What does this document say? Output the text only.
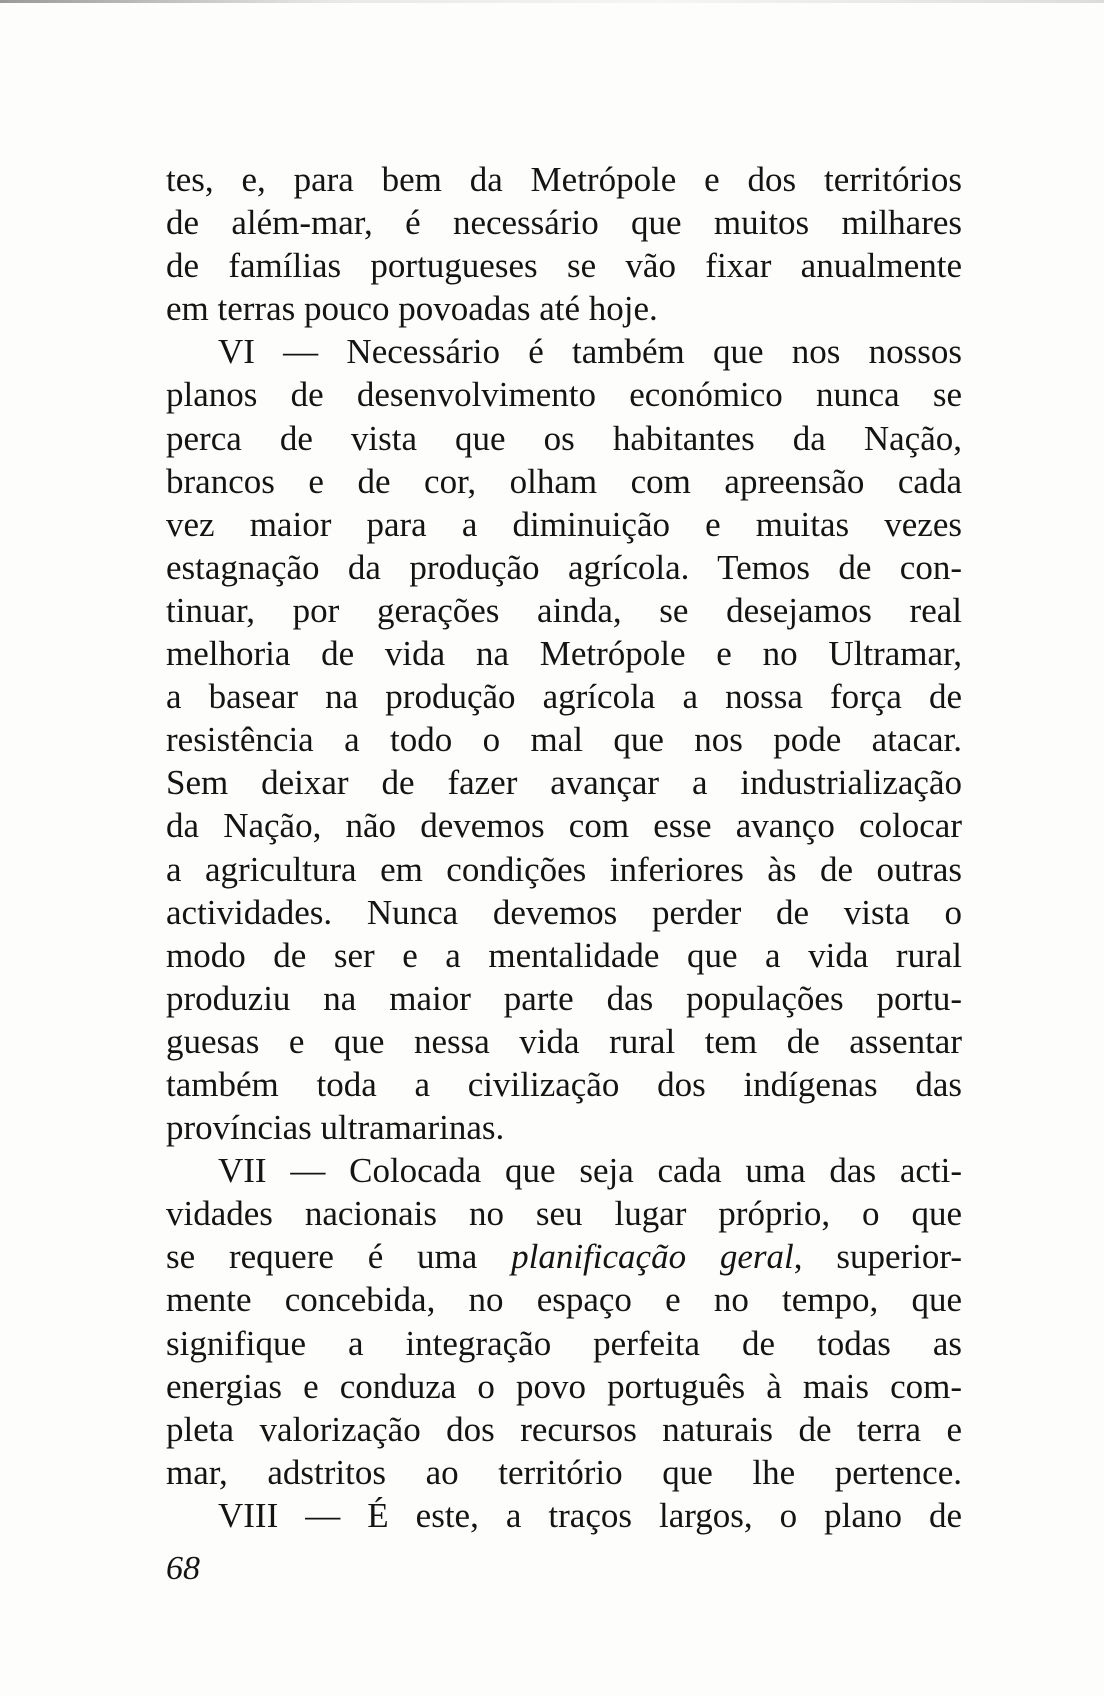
tes, e, para bem da Metrópole e dos territórios
de além-mar, é necessário que muitos milhares
de famílias portugueses se vão fixar anualmente
em terras pouco povoadas até hoje.
VI — Necessário é também que nos nossos
planos de desenvolvimento económico nunca se
perca de vista que os habitantes da Nação,
brancos e de cor, olham com apreensão cada
vez maior para a diminuição e muitas vezes
estagnação da produção agrícola. Temos de con-
tinuar, por gerações ainda, se desejamos real
melhoria de vida na Metrópole e no Ultramar,
a basear na produção agrícola a nossa força de
resistência a todo o mal que nos pode atacar.
Sem deixar de fazer avançar a industrialização
da Nação, não devemos com esse avanço colocar
a agricultura em condições inferiores às de outras
actividades. Nunca devemos perder de vista o
modo de ser e a mentalidade que a vida rural
produziu na maior parte das populações portu-
guesas e que nessa vida rural tem de assentar
também toda a civilização dos indígenas das
províncias ultramarinas.
VII — Colocada que seja cada uma das acti-
vidades nacionais no seu lugar próprio, o que
se requere é uma planificação geral, superior-
mente concebida, no espaço e no tempo, que
signifique a integração perfeita de todas as
energias e conduza o povo português à mais com-
pleta valorização dos recursos naturais de terra e
mar, adstritos ao território que lhe pertence.
VIII — É este, a traços largos, o plano de
68
